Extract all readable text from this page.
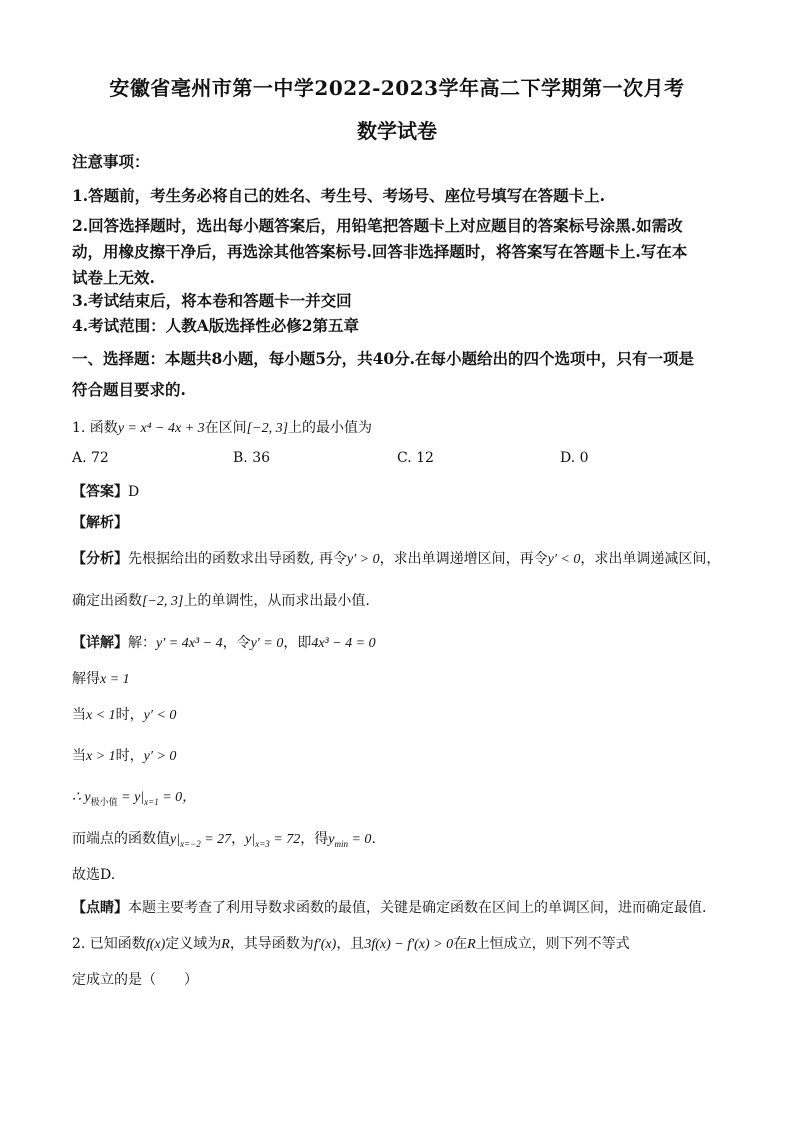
安徽省亳州市第一中学2022-2023学年高二下学期第一次月考
数学试卷
注意事项：
1.答题前，考生务必将自己的姓名、考生号、考场号、座位号填写在答题卡上.
2.回答选择题时，选出每小题答案后，用铅笔把答题卡上对应题目的答案标号涂黑.如需改
动，用橡皮擦干净后，再选涂其他答案标号.回答非选择题时，将答案写在答题卡上.写在本
试卷上无效.
3.考试结束后，将本卷和答题卡一并交回
4.考试范围：人教A版选择性必修2第五章
一、选择题：本题共8小题，每小题5分，共40分.在每小题给出的四个选项中，只有一项是
符合题目要求的.
1. 函数y = x⁴ − 4x + 3在区间[−2, 3]上的最小值为
A. 72	B. 36	C. 12	D. 0
【答案】D
【解析】
【分析】先根据给出的函数求出导函数, 再令y′ > 0，求出单调递增区间，再令y′ < 0，求出单调递减区间，
确定出函数[−2, 3]上的单调性，从而求出最小值.
【详解】解：y′ = 4x³ − 4，令y′ = 0，即4x³ − 4 = 0
解得x = 1
当x < 1时，y′ < 0
当x > 1时，y′ > 0
∴ $y_{极小值} = y|_{x=1} = 0$，
而端点的函数值$y|_{x=-2} = 27$，$y|_{x=3} = 72$，得$y_{min} = 0$.
故选D.
【点睛】本题主要考查了利用导数求函数的最值，关键是确定函数在区间上的单调区间，进而确定最值.
2. 已知函数f(x)定义域为R，其导函数为f′(x)，且3f(x) − f′(x) > 0在R上恒成立，则下列不等式
定成立的是（　　）
